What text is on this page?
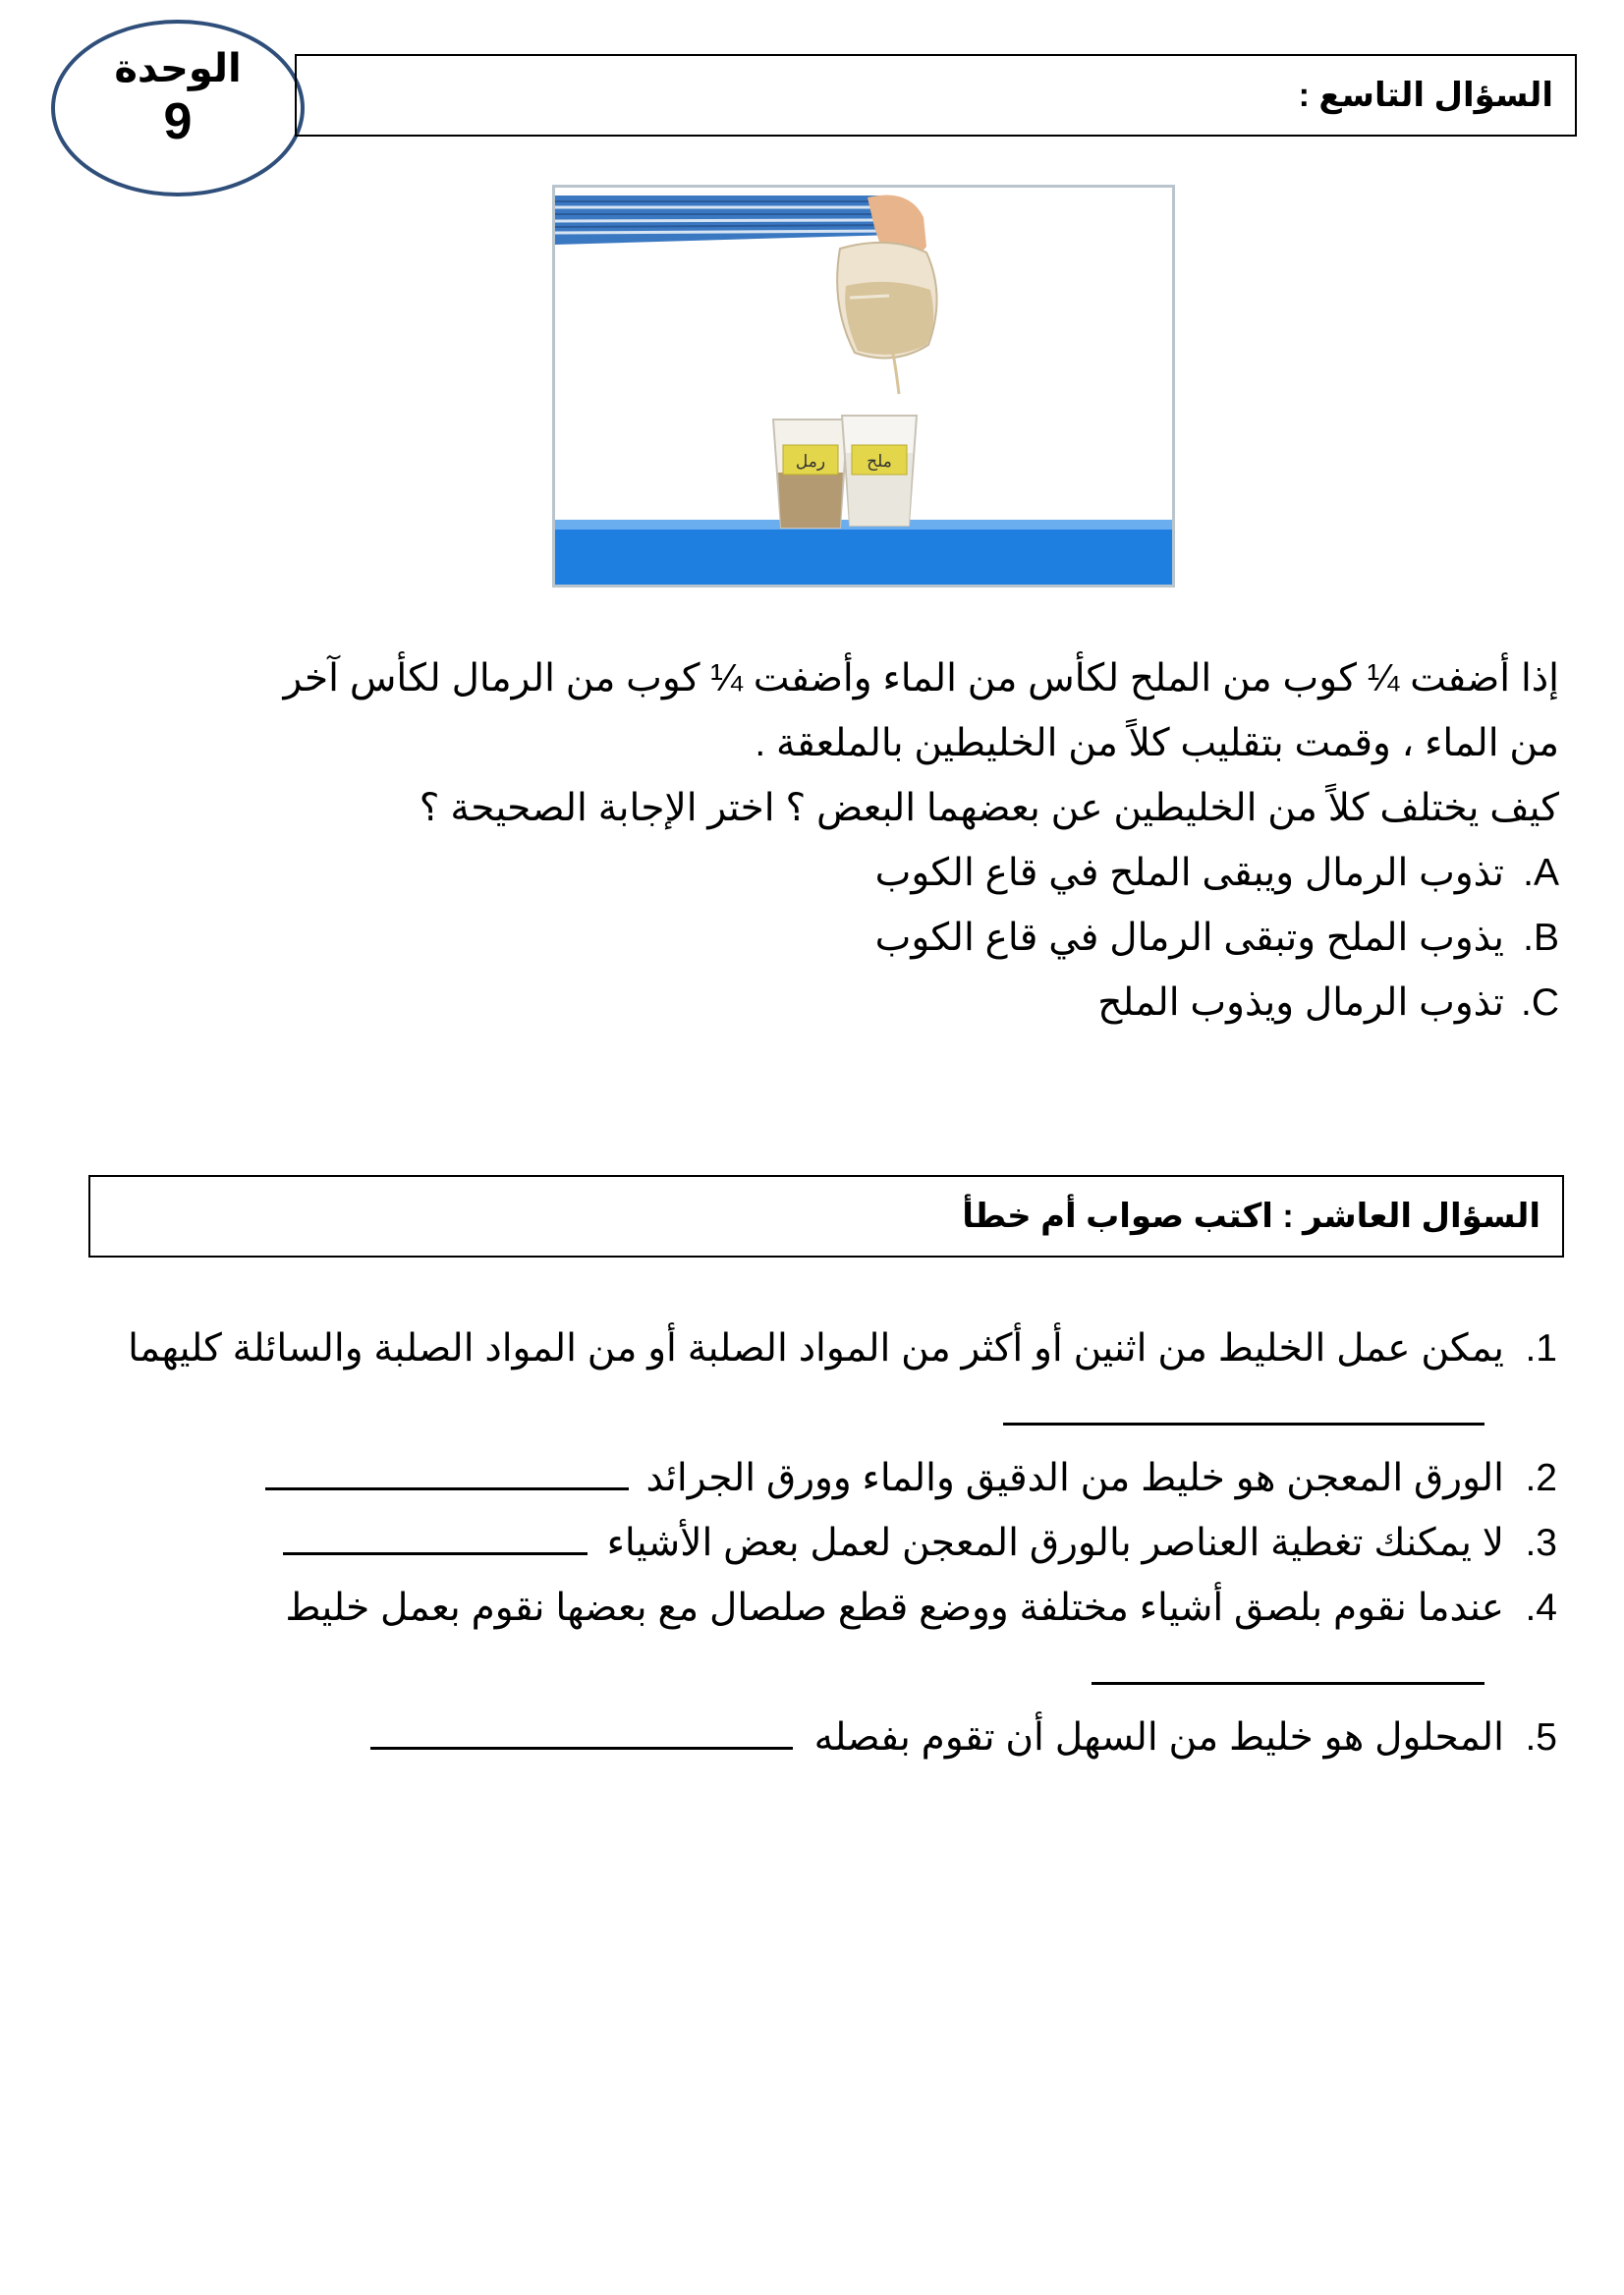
الوحدة
9	السؤال التاسع :
رمل ملح

إذا أضفت ¼ كوب من الملح لكأس من الماء وأضفت ¼ كوب من الرمال لكأس آخر

من الماء ، وقمت بتقليب كلاً من الخليطين بالملعقة .

كيف يختلف كلاً من الخليطين عن بعضهما البعض ؟ اختر الإجابة الصحيحة ؟

A.
تذوب الرمال ويبقى الملح في قاع الكوب
B.
يذوب الملح وتبقى الرمال في قاع الكوب
C.
تذوب الرمال ويذوب الملح
السؤال العاشر : اكتب صواب أم خطأ
1.
يمكن عمل الخليط من اثنين أو أكثر من المواد الصلبة أو من المواد الصلبة والسائلة كليهما
2.
الورق المعجن هو خليط من الدقيق والماء وورق الجرائد
3.
لا يمكنك تغطية العناصر بالورق المعجن لعمل بعض الأشياء
4.
عندما نقوم بلصق أشياء مختلفة ووضع قطع صلصال مع بعضها نقوم بعمل خليط
5.
المحلول هو خليط من السهل أن تقوم بفصله
